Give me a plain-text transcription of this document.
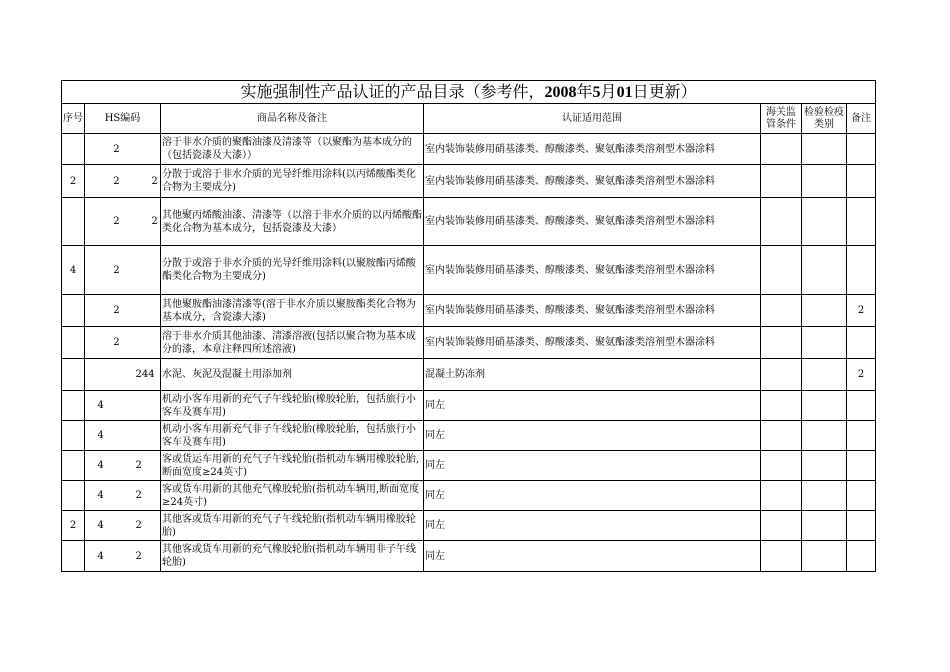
实施强制性产品认证的产品目录（参考件，2008年5月01日更新）						
序号	HS编码	商品名称及备注	认证适用范围	海关监管条件	检验检疫类别	备注
	2	溶于非水介质的聚酯油漆及清漆等（以聚酯为基本成分的（包括瓷漆及大漆））	室内装饰装修用硝基漆类、醇酸漆类、聚氨酯漆类溶剂型木器涂料			
2	2          2	分散于或溶于非水介质的光导纤维用涂料(以丙烯酸酯类化合物为主要成分)	室内装饰装修用硝基漆类、醇酸漆类、聚氨酯漆类溶剂型木器涂料			
	2          2	其他聚丙烯酸油漆、清漆等（以溶于非水介质的以丙烯酸酯类化合物为基本成分，包括瓷漆及大漆）	室内装饰装修用硝基漆类、醇酸漆类、聚氨酯漆类溶剂型木器涂料			
4	2	分散于或溶于非水介质的光导纤维用涂料(以聚胺酯丙烯酸酯类化合物为主要成分)	室内装饰装修用硝基漆类、醇酸漆类、聚氨酯漆类溶剂型木器涂料			
	2	其他聚胺酯油漆清漆等(溶于非水介质以聚胺酯类化合物为基本成分，含瓷漆大漆)	室内装饰装修用硝基漆类、醇酸漆类、聚氨酯漆类溶剂型木器涂料			2
	2	溶于非水介质其他油漆、清漆溶液(包括以聚合物为基本成分的漆，本章注释四所述溶液)	室内装饰装修用硝基漆类、醇酸漆类、聚氨酯漆类溶剂型木器涂料			
	244	水泥、灰泥及混凝土用添加剂	混凝土防冻剂			2
	4	机动小客车用新的充气子午线轮胎(橡胶轮胎，包括旅行小客车及赛车用)	同左			
	4	机动小客车用新充气非子午线轮胎(橡胶轮胎，包括旅行小客车及赛车用)	同左			
	4          2	客或货运车用新的充气子午线轮胎(指机动车辆用橡胶轮胎,断面宽度≥24英寸)	同左			
	4          2	客或货车用新的其他充气橡胶轮胎(指机动车辆用,断面宽度≥24英寸)	同左			
2	4          2	其他客或货车用新的充气子午线轮胎(指机动车辆用橡胶轮胎)	同左			
	4          2	其他客或货车用新的充气橡胶轮胎(指机动车辆用非子午线轮胎)	同左			
